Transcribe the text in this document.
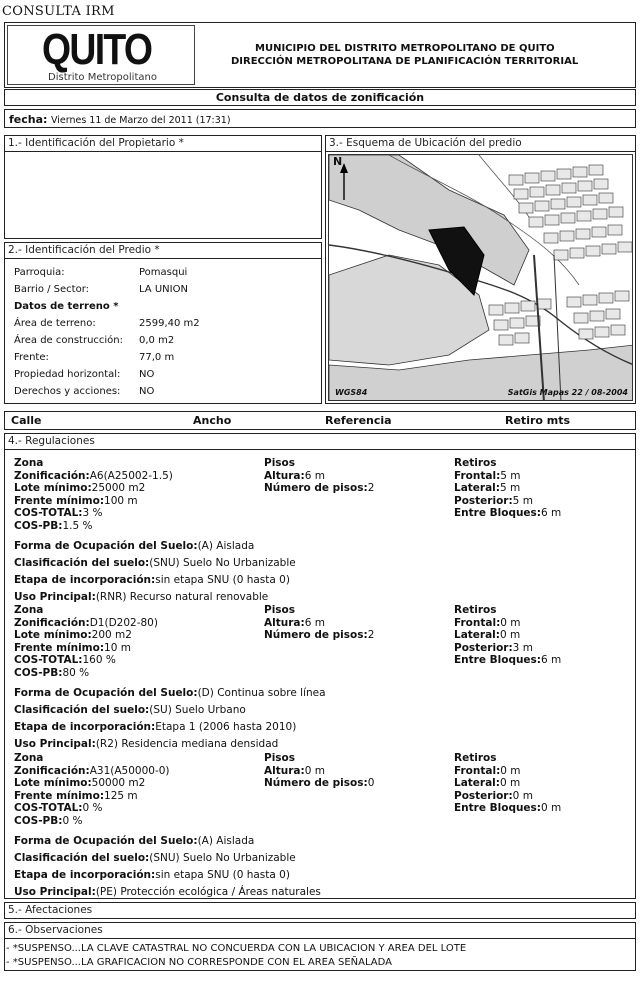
CONSULTA IRM
QUITO
Distrito Metropolitano
MUNICIPIO DEL DISTRITO METROPOLITANO DE QUITO
DIRECCIÓN METROPOLITANA DE PLANIFICACIÓN TERRITORIAL
Consulta de datos de zonificación
fecha: Viernes 11 de Marzo del 2011 (17:31)
1.- Identificación del Propietario *
2.- Identificación del Predio *
Parroquia:	Pomasqui
Barrio / Sector:	LA UNION
Datos de terreno *
Área de terreno:	2599,40 m2
Área de construcción: 0,0 m2
Frente:	77,0 m
Propiedad horizontal: NO
Derechos y acciones: NO
3.- Esquema de Ubicación del predio
N
WGS84	SatGis Mapas 22 / 08-2004
Calle	Ancho	Referencia	Retiro mts
4.- Regulaciones
Zona
Zonificación:A6(A25002-1.5)
Lote mínimo:25000 m2
Frente mínimo:100 m
COS-TOTAL:3 %
COS-PB:1.5 %
Pisos
Altura:6 m
Número de pisos:2
Retiros
Frontal:5 m
Lateral:5 m
Posterior:5 m
Entre Bloques:6 m
Forma de Ocupación del Suelo:(A) Aislada
Clasificación del suelo:(SNU) Suelo No Urbanizable
Etapa de incorporación:sin etapa SNU (0 hasta 0)
Uso Principal:(RNR) Recurso natural renovable
Zona
Zonificación:D1(D202-80)
Lote mínimo:200 m2
Frente mínimo:10 m
COS-TOTAL:160 %
COS-PB:80 %
Pisos
Altura:6 m
Número de pisos:2
Retiros
Frontal:0 m
Lateral:0 m
Posterior:3 m
Entre Bloques:6 m
Forma de Ocupación del Suelo:(D) Continua sobre línea
Clasificación del suelo:(SU) Suelo Urbano
Etapa de incorporación:Etapa 1 (2006 hasta 2010)
Uso Principal:(R2) Residencia mediana densidad
Zona
Zonificación:A31(A50000-0)
Lote mínimo:50000 m2
Frente mínimo:125 m
COS-TOTAL:0 %
COS-PB:0 %
Pisos
Altura:0 m
Número de pisos:0
Retiros
Frontal:0 m
Lateral:0 m
Posterior:0 m
Entre Bloques:0 m
Forma de Ocupación del Suelo:(A) Aislada
Clasificación del suelo:(SNU) Suelo No Urbanizable
Etapa de incorporación:sin etapa SNU (0 hasta 0)
Uso Principal:(PE) Protección ecológica / Áreas naturales
5.- Afectaciones
6.- Observaciones
- *SUSPENSO...LA CLAVE CATASTRAL NO CONCUERDA CON LA UBICACION Y AREA DEL LOTE
- *SUSPENSO...LA GRAFICACION NO CORRESPONDE CON EL AREA SEÑALADA
